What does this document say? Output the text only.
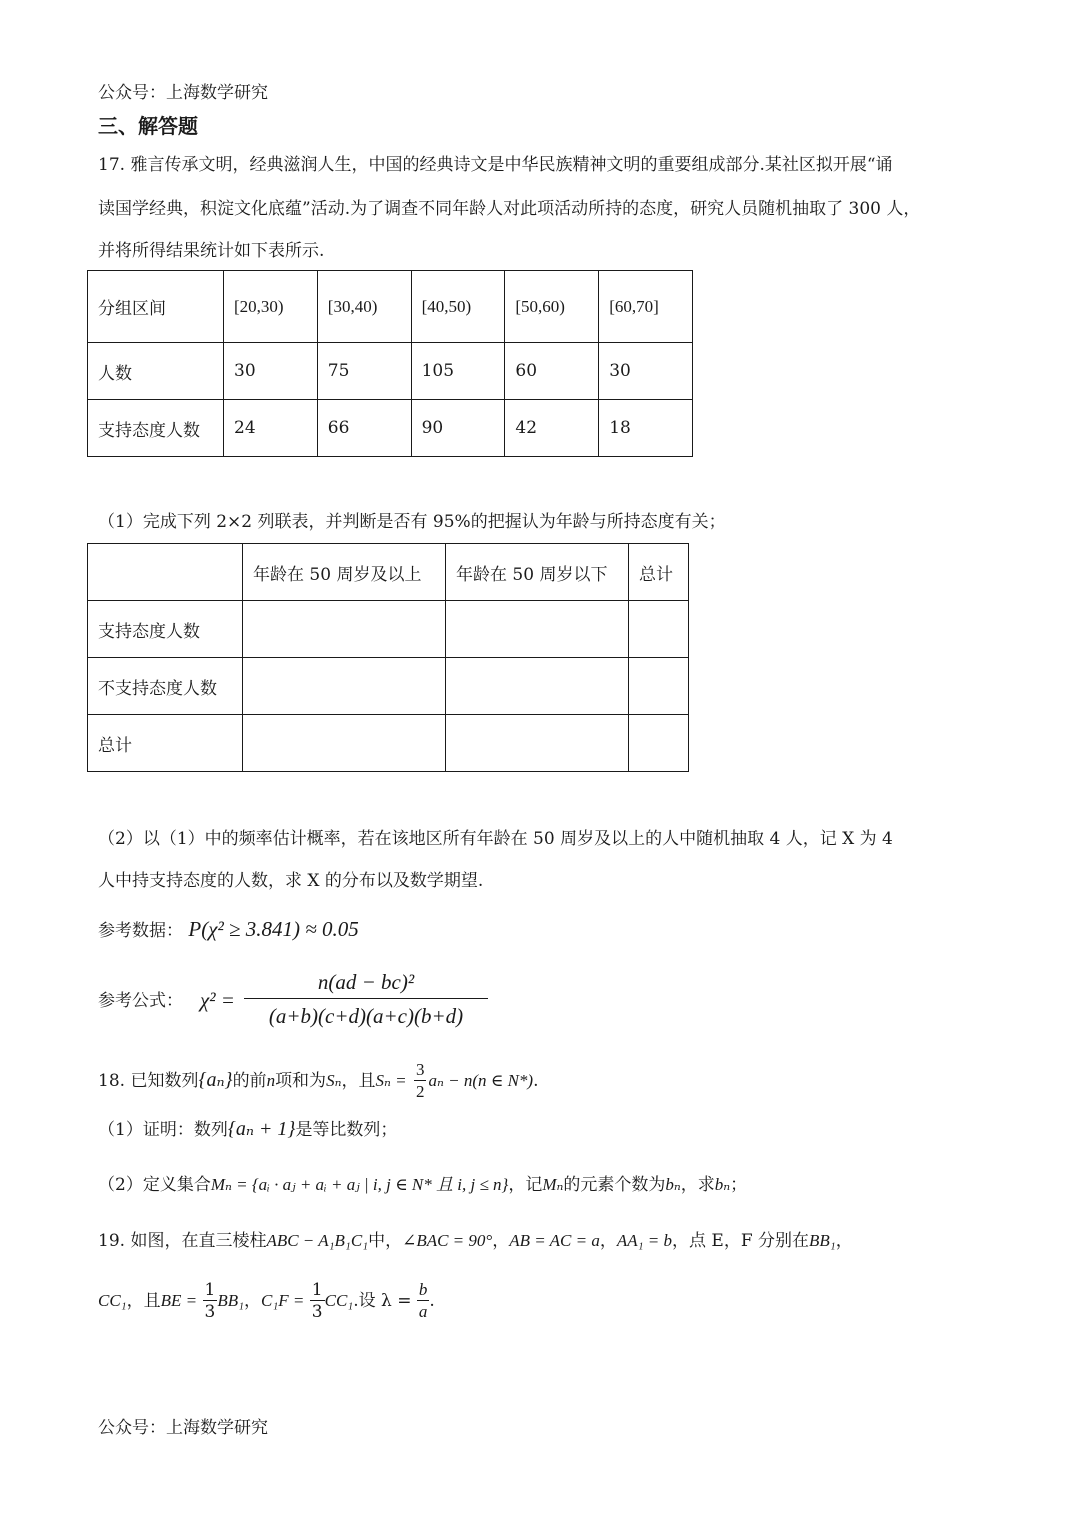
公众号：上海数学研究
三、解答题
17. 雅言传承文明，经典滋润人生，中国的经典诗文是中华民族精神文明的重要组成部分.某社区拟开展“诵
读国学经典，积淀文化底蕴”活动.为了调查不同年龄人对此项活动所持的态度，研究人员随机抽取了 300 人，
并将所得结果统计如下表所示.
分组区间	[20,30)	[30,40)	[40,50)	[50,60)	[60,70]
人数	30	75	105	60	30
支持态度人数	24	66	90	42	18
（1）完成下列 2×2 列联表，并判断是否有 95%的把握认为年龄与所持态度有关；
	年龄在 50 周岁及以上	年龄在 50 周岁以下	总计
支持态度人数			
不支持态度人数			
总计			
（2）以（1）中的频率估计概率，若在该地区所有年龄在 50 周岁及以上的人中随机抽取 4 人，记 X 为 4
人中持支持态度的人数，求 X 的分布以及数学期望.
参考数据： P(χ² ≥ 3.841) ≈ 0.05
参考公式： χ² =
n(ad − bc)²
(a+b)(c+d)(a+c)(b+d)
18. 已知数列{aₙ}的前n项和为Sₙ，且$S_n = \frac{3}{2}$ aₙ − n(n ∈ N*).
（1）证明：数列{aₙ + 1}是等比数列；
（2）定义集合Mₙ = {aᵢ · aⱼ + aᵢ + aⱼ | i, j ∈ N* 且 i, j ≤ n}，记Mₙ的元素个数为bₙ，求bₙ；
19. 如图，在直三棱柱ABC − A₁B₁C₁中，∠BAC = 90°，AB = AC = a，AA₁ = b，点 E，F 分别在BB₁，
CC₁，且BE = $\frac{1}{3} BB_1$，$C_1F = \frac{1}{3} CC_1$.设 $\lambda = \frac{b}{a}$ .
公众号：上海数学研究
